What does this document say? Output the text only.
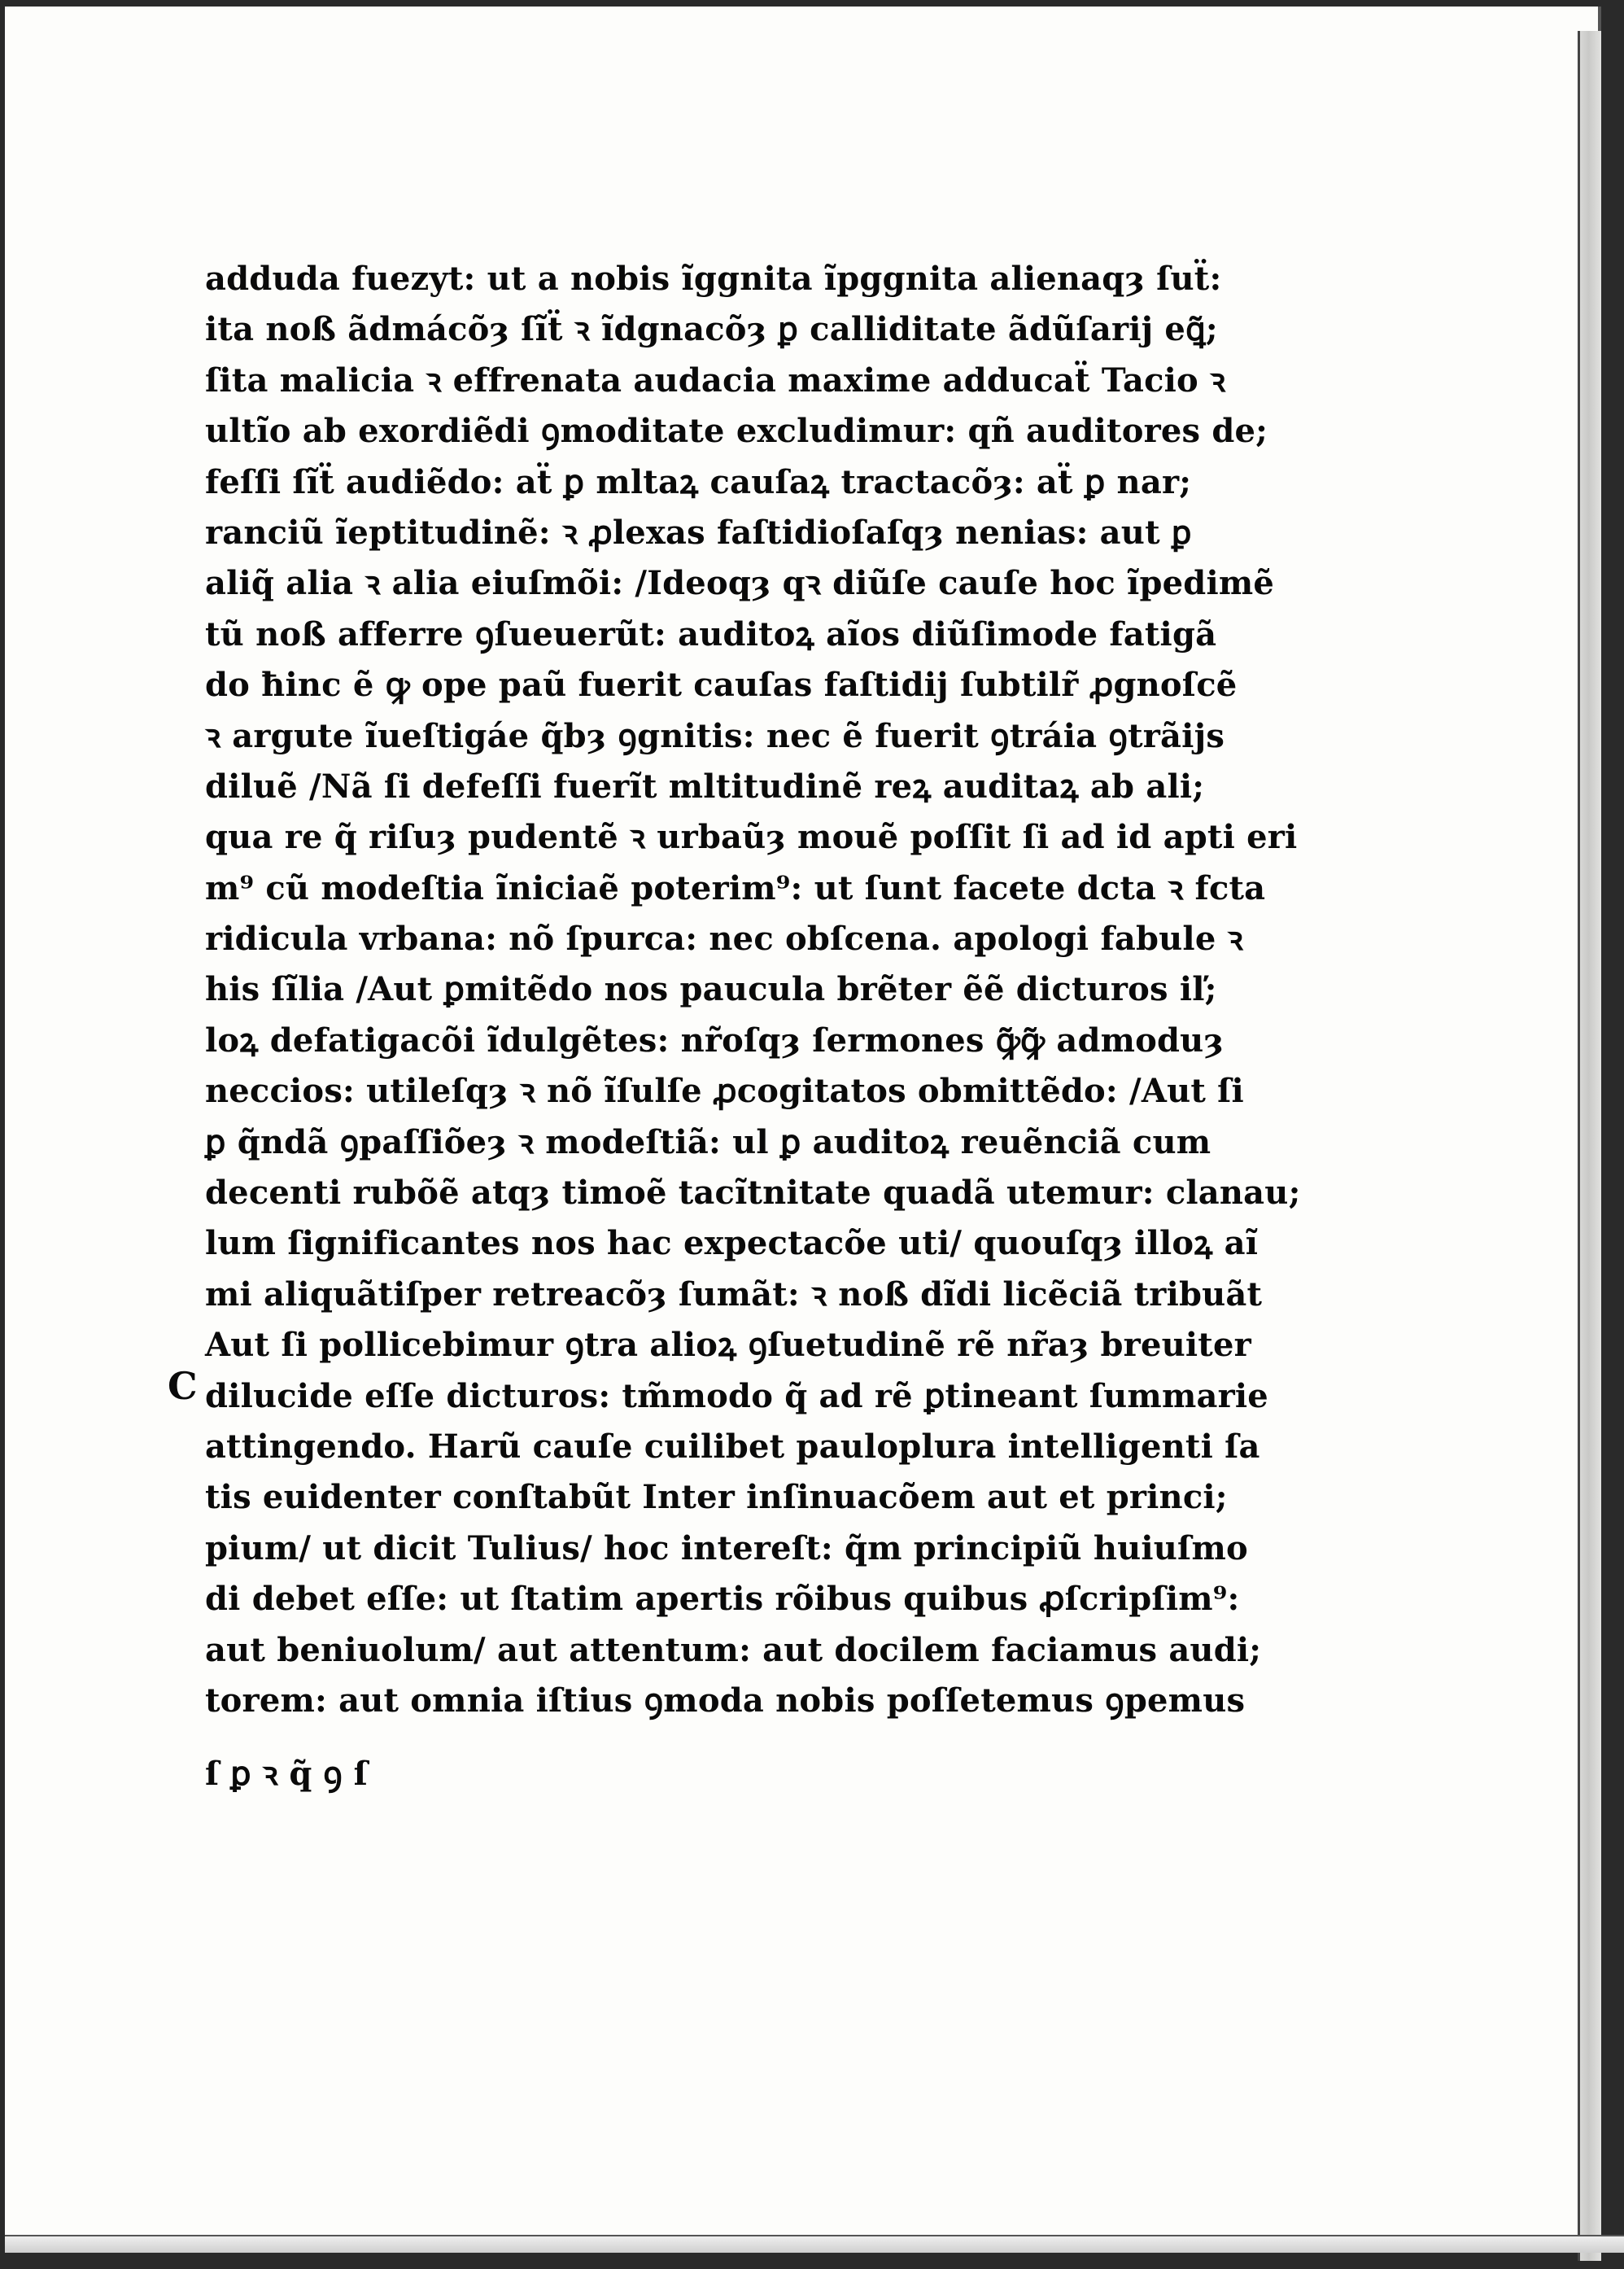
C
adduda fuezyt: ut a nobis ĩggnita ĩpggnita alienaqȝ ſuẗ:
ita noß ãdmácõȝ ſĩẗ ꝛ ĩdgnacõȝ ꝑ calliditate ãdũſarij eꝗ̃;
ſita malicia ꝛ effrenata audacia maxime adducaẗ Tacio ꝛ
ultĩo ab exordiẽdi ꝯmoditate excludimur: qñ auditores de;
feſſi ſĩẗ audiẽdo: aẗ ꝑ mltaꝝ cauſaꝝ tractacõȝ: aẗ ꝑ nar;
ranciũ ĩeptitudinẽ: ꝛ ꝓlexas faſtidioſaſqȝ nenias: aut ꝑ
aliq̃ alia ꝛ alia eiuſmõi: /Ideoqȝ qꝛ diũſe cauſe hoc ĩpedimẽ
tũ noß afferre ꝯſueuerũt: auditoꝝ aĩos diũſimode fatigã
do ħinc ẽ ꝙ ope paũ fuerit cauſas faſtidij ſubtilr̃ ꝓgnoſcẽ
ꝛ argute ĩueſtigáe q̃bȝ ꝯgnitis: nec ẽ fuerit ꝯtráia ꝯtrãĳs
diluẽ /Nã ſi defeſſi fuerĩt mltitudinẽ reꝝ auditaꝝ ab ali;
qua re q̃ riſuȝ pudentẽ ꝛ urbaũȝ mouẽ poſſit ſi ad id apti eri
m⁹ cũ modeſtia ĩniciaẽ poterim⁹: ut ſunt facete dcta ꝛ fcta
ridicula vrbana: nõ ſpurca: nec obſcena. apologi fabule ꝛ
his ſĩlia /Aut ꝑmitẽdo nos paucula brẽter ẽẽ dicturos iľ;
loꝝ defatigacõi ĩdulgẽtes: nr̃oſqȝ ſermones ꝙ̃ꝙ̃ admoduȝ
neccios: utileſqȝ ꝛ nõ ĩſulſe ꝓcogitatos obmittẽdo: /Aut ſi
ꝑ q̃ndã ꝯpaſſiõeȝ ꝛ modeſtiã: ul ꝑ auditoꝝ reuẽnciã cum
decenti rubõẽ atqȝ timoẽ tacĩtnitate quadã utemur: clanau;
lum ſignificantes nos hac expectacõe uti/ quouſqȝ illoꝝ aĩ
mi aliquãtiſper retreacõȝ ſumãt: ꝛ noß dĩdi licẽciã tribuãt
Aut ſi pollicebimur ꝯtra alioꝝ ꝯſuetudinẽ rẽ nr̃aȝ breuiter
dilucide eſſe dicturos: tm̃modo q̃ ad rẽ ꝑtineant ſummarie
attingendo. Harũ cauſe cuilibet pauloplura intelligenti ſa
tis euidenter conſtabũt Inter inſinuacõem aut et princi;
pium/ ut dicit Tulius/ hoc intereſt: q̃m principiũ huiuſmo
di debet eſſe: ut ſtatim apertis rõibus quibus ꝓſcripſim⁹:
aut beniuolum/ aut attentum: aut docilem faciamus audi;
torem: aut omnia iſtius ꝯmoda nobis poſſetemus ꝯpemus
ſ ꝑ ꝛ q̃ ꝯ ſ
